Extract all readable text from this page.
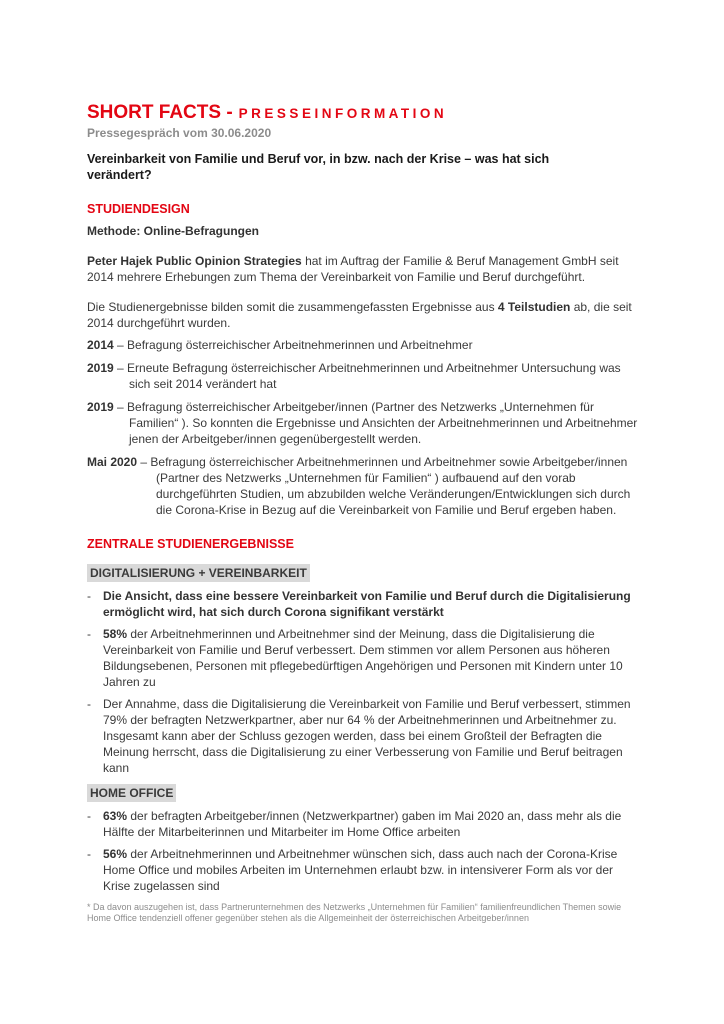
SHORT FACTS - PRESSEINFORMATION
Pressegespräch vom 30.06.2020
Vereinbarkeit von Familie und Beruf vor, in bzw. nach der Krise – was hat sich
verändert?
STUDIENDESIGN
Methode: Online-Befragungen

Peter Hajek Public Opinion Strategies hat im Auftrag der Familie & Beruf Management GmbH seit 2014 mehrere Erhebungen zum Thema der Vereinbarkeit von Familie und Beruf durchgeführt.

Die Studienergebnisse bilden somit die zusammengefassten Ergebnisse aus 4 Teilstudien ab, die seit 2014 durchgeführt wurden.

2014 – Befragung österreichischer Arbeitnehmerinnen und Arbeitnehmer
2019 – Erneute Befragung österreichischer Arbeitnehmerinnen und Arbeitnehmer Untersuchung was sich seit 2014 verändert hat
2019 – Befragung österreichischer Arbeitgeber/innen (Partner des Netzwerks „Unternehmen für Familien“ ). So konnten die Ergebnisse und Ansichten der Arbeitnehmerinnen und Arbeitnehmer jenen der Arbeitgeber/innen gegenübergestellt werden.
Mai 2020 – Befragung österreichischer Arbeitnehmerinnen und Arbeitnehmer sowie Arbeitgeber/innen (Partner des Netzwerks „Unternehmen für Familien“ ) aufbauend auf den vorab durchgeführten Studien, um abzubilden welche Veränderungen/Entwicklungen sich durch die Corona-Krise in Bezug auf die Vereinbarkeit von Familie und Beruf ergeben haben.
ZENTRALE STUDIENERGEBNISSE
DIGITALISIERUNG + VEREINBARKEIT
- Die Ansicht, dass eine bessere Vereinbarkeit von Familie und Beruf durch die Digitalisierung ermöglicht wird, hat sich durch Corona signifikant verstärkt
- 58% der Arbeitnehmerinnen und Arbeitnehmer sind der Meinung, dass die Digitalisierung die Vereinbarkeit von Familie und Beruf verbessert. Dem stimmen vor allem Personen aus höheren Bildungsebenen, Personen mit pflegebedürftigen Angehörigen und Personen mit Kindern unter 10 Jahren zu
- Der Annahme, dass die Digitalisierung die Vereinbarkeit von Familie und Beruf verbessert, stimmen 79% der befragten Netzwerkpartner, aber nur 64 % der Arbeitnehmerinnen und Arbeitnehmer zu. Insgesamt kann aber der Schluss gezogen werden, dass bei einem Großteil der Befragten die Meinung herrscht, dass die Digitalisierung zu einer Verbesserung von Familie und Beruf beitragen kann
HOME OFFICE
- 63% der befragten Arbeitgeber/innen (Netzwerkpartner) gaben im Mai 2020 an, dass mehr als die Hälfte der Mitarbeiterinnen und Mitarbeiter im Home Office arbeiten
- 56% der Arbeitnehmerinnen und Arbeitnehmer wünschen sich, dass auch nach der Corona-Krise Home Office und mobiles Arbeiten im Unternehmen erlaubt bzw. in intensiverer Form als vor der Krise zugelassen sind
* Da davon auszugehen ist, dass Partnerunternehmen des Netzwerks „Unternehmen für Familien“ familienfreundlichen Themen sowie Home Office tendenziell offener gegenüber stehen als die Allgemeinheit der österreichischen Arbeitgeber/innen
